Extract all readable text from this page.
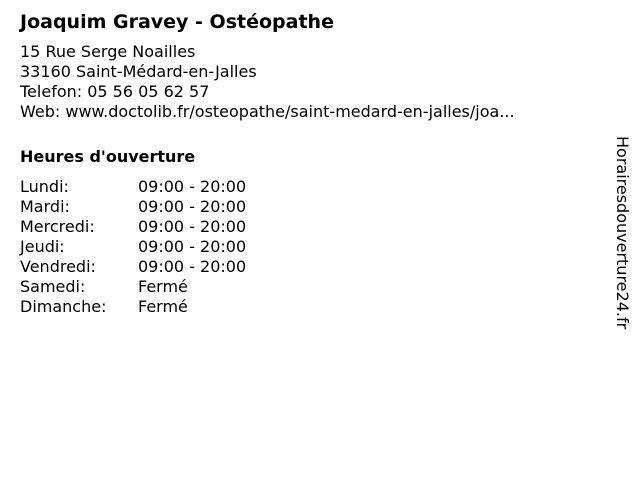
Joaquim Gravey - Ostéopathe
15 Rue Serge Noailles
33160 Saint-Médard-en-Jalles
Telefon: 05 56 05 62 57
Web: www.doctolib.fr/osteopathe/saint-medard-en-jalles/joa...
Heures d'ouverture
Lundi:	09:00 - 20:00
Mardi:	09:00 - 20:00
Mercredi:	09:00 - 20:00
Jeudi:	09:00 - 20:00
Vendredi:	09:00 - 20:00
Samedi:	Fermé
Dimanche:	Fermé	Horairesdouverture24.fr
